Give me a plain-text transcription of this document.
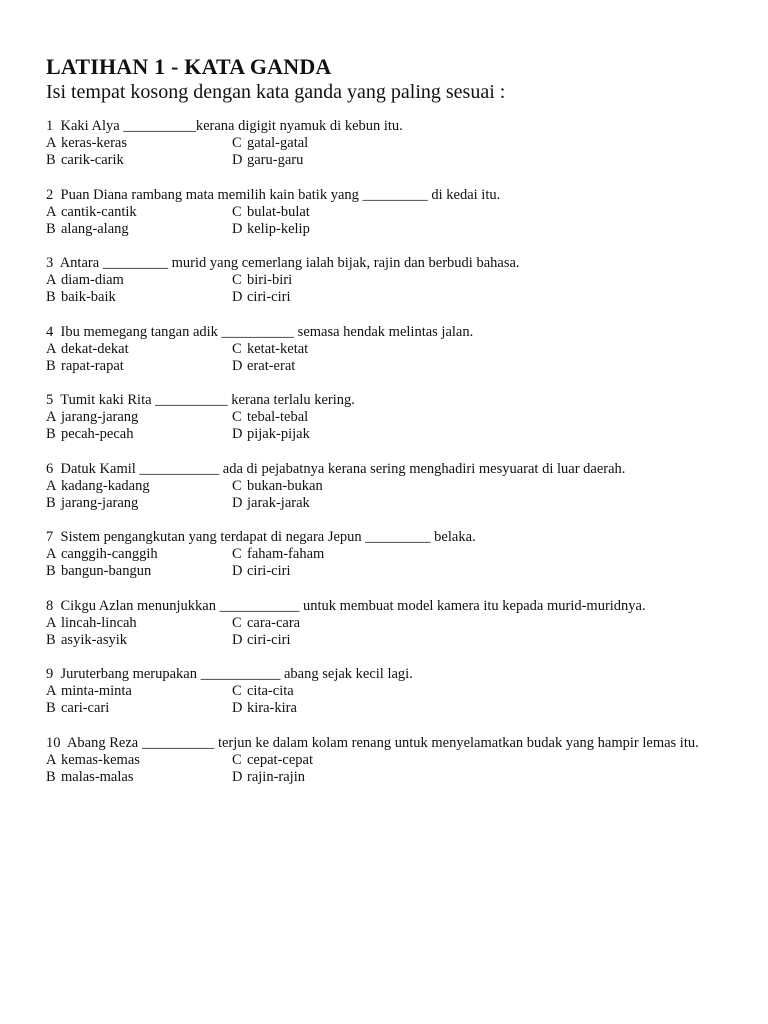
LATIHAN 1 - KATA GANDA

Isi tempat kosong dengan kata ganda yang paling sesuai :

1  Kaki Alya __________kerana digigit nyamuk di kebun itu.

A keras-keras	C gatal-gatal
B carik-carik	D garu-garu

2  Puan Diana rambang mata memilih kain batik yang _________ di kedai itu.

A cantik-cantik	C bulat-bulat
B alang-alang	D kelip-kelip

3  Antara _________ murid yang cemerlang ialah bijak, rajin dan berbudi bahasa.

A diam-diam	C biri-biri
B baik-baik	D ciri-ciri

4  Ibu memegang tangan adik __________ semasa hendak melintas jalan.

A dekat-dekat	C ketat-ketat
B rapat-rapat	D erat-erat

5  Tumit kaki Rita __________ kerana terlalu kering.

A jarang-jarang	C tebal-tebal
B pecah-pecah	D pijak-pijak

6  Datuk Kamil ___________ ada di pejabatnya kerana sering menghadiri mesyuarat di luar daerah.

A kadang-kadang	C bukan-bukan
B jarang-jarang	D jarak-jarak

7  Sistem pengangkutan yang terdapat di negara Jepun _________ belaka.

A canggih-canggih	C faham-faham
B bangun-bangun	D ciri-ciri

8  Cikgu Azlan menunjukkan ___________ untuk membuat model kamera itu kepada murid-muridnya.

A lincah-lincah	C cara-cara
B asyik-asyik	D ciri-ciri

9  Juruterbang merupakan ___________ abang sejak kecil lagi.

A minta-minta	C cita-cita
B cari-cari	D kira-kira

10  Abang Reza __________ terjun ke dalam kolam renang untuk menyelamatkan budak yang hampir lemas itu.

A kemas-kemas	C cepat-cepat
B malas-malas	D rajin-rajin
